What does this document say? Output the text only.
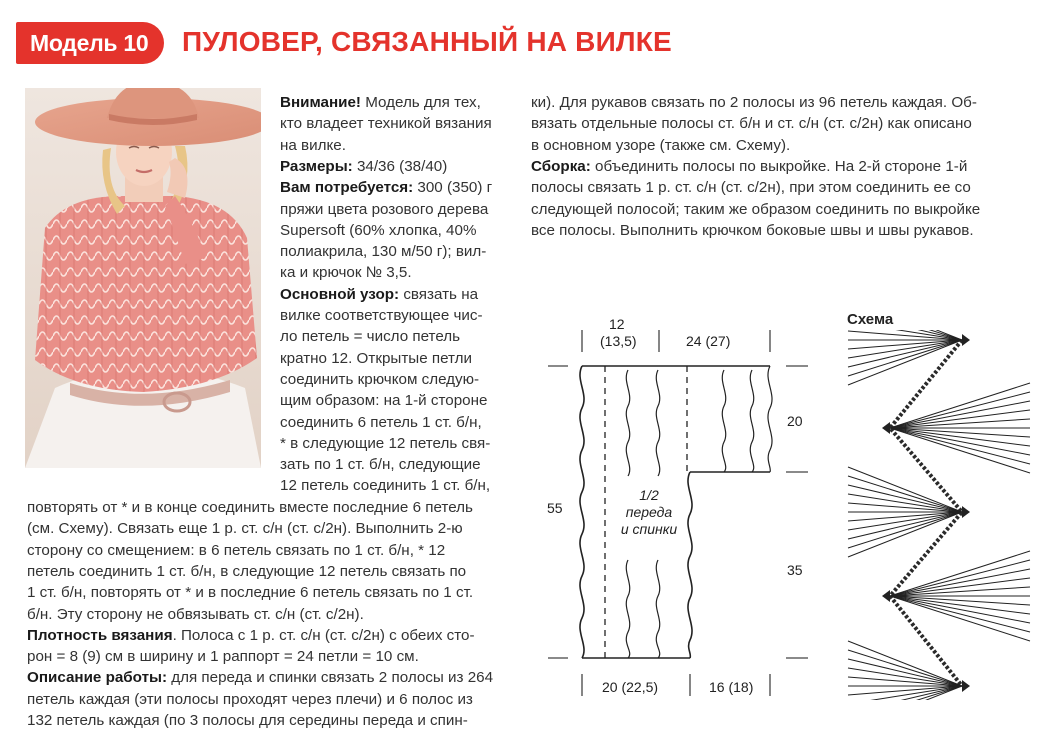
Модель 10 ПУЛОВЕР, СВЯЗАННЫЙ НА ВИЛКЕ
Внимание! Модель для тех,
кто владеет техникой вязания
на вилке.
Размеры: 34/36 (38/40)
Вам потребуется: 300 (350) г
пряжи цвета розового дерева
Supersoft (60% хлопка, 40%
полиакрила, 130 м/50 г); вил-
ка и крючок № 3,5.
Основной узор: связать на
вилке соответствующее чис-
ло петель = число петель
кратно 12. Открытые петли
соединить крючком следую-
щим образом: на 1-й стороне
соединить 6 петель 1 ст. б/н,
* в следующие 12 петель свя-
зать по 1 ст. б/н, следующие
12 петель соединить 1 ст. б/н,
повторять от * и в конце соединить вместе последние 6 петель
(см. Схему). Связать еще 1 р. ст. с/н (ст. с/2н). Выполнить 2-ю
сторону со смещением: в 6 петель связать по 1 ст. б/н, * 12
петель соединить 1 ст. б/н, в следующие 12 петель связать по
1 ст. б/н, повторять от * и в последние 6 петель связать по 1 ст.
б/н. Эту сторону не обвязывать ст. с/н (ст. с/2н).
Плотность вязания. Полоса с 1 р. ст. с/н (ст. с/2н) с обеих сто-
рон = 8 (9) см в ширину и 1 раппорт = 24 петли = 10 см.
Описание работы: для переда и спинки связать 2 полосы из 264
петель каждая (эти полосы проходят через плечи) и 6 полос из
132 петель каждая (по 3 полосы для середины переда и спин-
ки). Для рукавов связать по 2 полосы из 96 петель каждая. Об-
вязать отдельные полосы ст. б/н и ст. с/н (ст. с/2н) как описано
в основном узоре (также см. Схему).
Сборка: объединить полосы по выкройке. На 2-й стороне 1-й
полосы связать 1 р. ст. с/н (ст. с/2н), при этом соединить ее со
следующей полосой; таким же образом соединить по выкройке
все полосы. Выполнить крючком боковые швы и швы рукавов.
12
(13,5)	24 (27)
20
35
55
20 (22,5)	16 (18)
1/2
переда
и спинки
Схема
